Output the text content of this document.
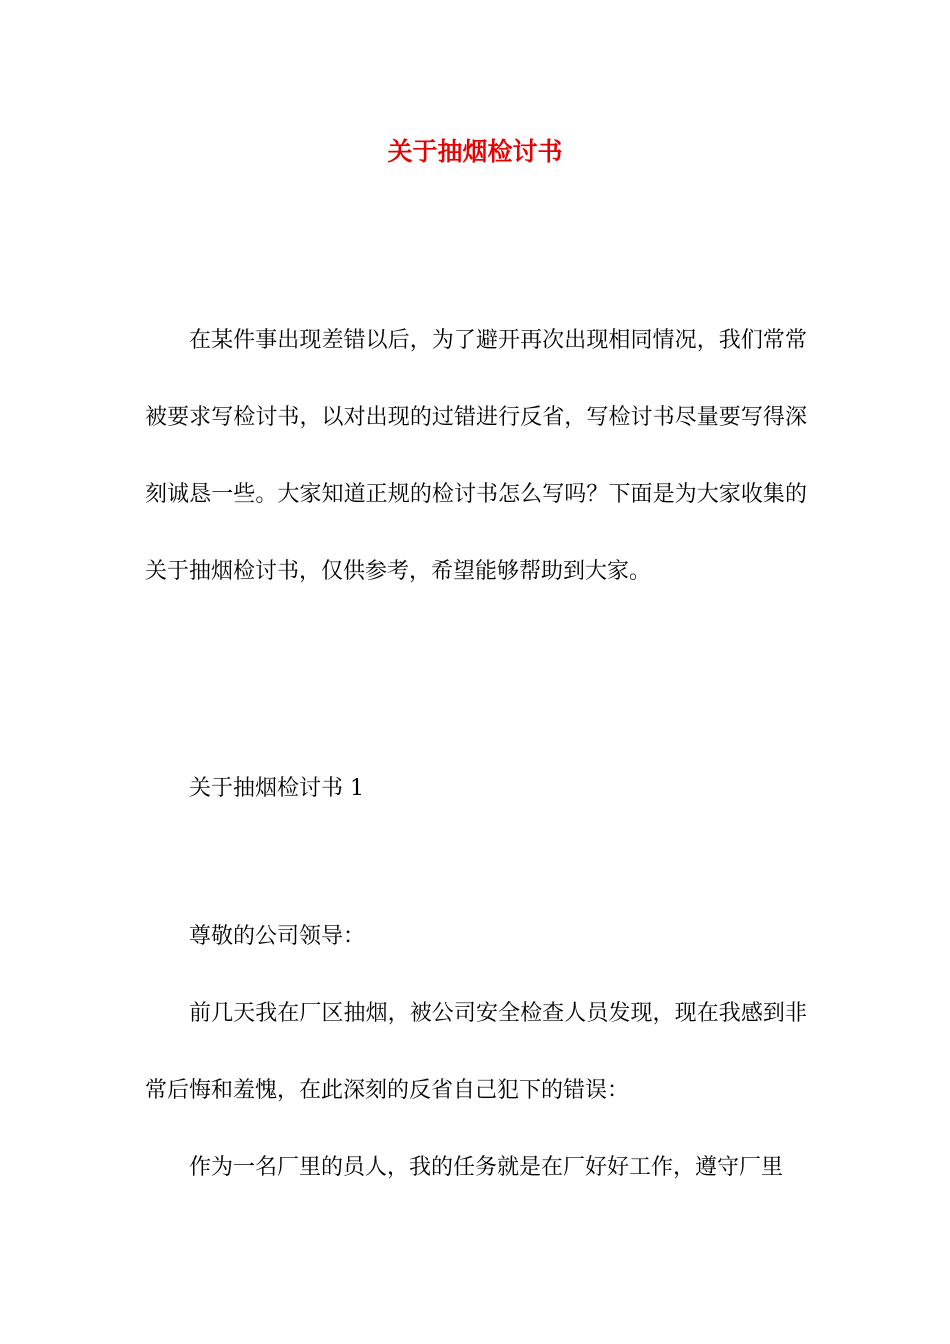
关于抽烟检讨书

在某件事出现差错以后，为了避开再次出现相同情况，我们常常被要求写检讨书，以对出现的过错进行反省，写检讨书尽量要写得深刻诚恳一些。大家知道正规的检讨书怎么写吗？下面是为大家收集的关于抽烟检讨书，仅供参考，希望能够帮助到大家。

关于抽烟检讨书 1

尊敬的公司领导：

前几天我在厂区抽烟，被公司安全检查人员发现，现在我感到非常后悔和羞愧，在此深刻的反省自己犯下的错误：

作为一名厂里的员人，我的任务就是在厂好好工作，遵守厂里
